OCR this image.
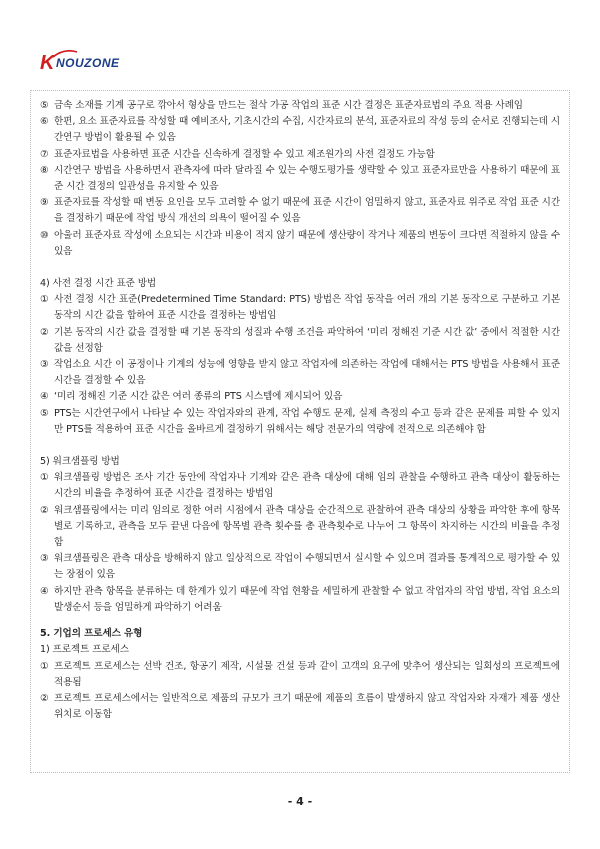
K NOUZONE

⑤ 금속 소재를 기계 공구로 깎아서 형상을 만드는 절삭 가공 작업의 표준 시간 결정은 표준자료법의 주요 적용 사례임

⑥ 한편, 요소 표준자료를 작성할 때 예비조사, 기초시간의 수집, 시간자료의 분석, 표준자료의 작성 등의 순서로 진행되는데 시간연구 방법이 활용될 수 있음

⑦ 표준자료법을 사용하면 표준 시간을 신속하게 결정할 수 있고 제조원가의 사전 결정도 가능함

⑧ 시간연구 방법을 사용하면서 관측자에 따라 달라질 수 있는 수행도평가를 생략할 수 있고 표준자료만을 사용하기 때문에 표준 시간 결정의 일관성을 유지할 수 있음

⑨ 표준자료를 작성할 때 변동 요인을 모두 고려할 수 없기 때문에 표준 시간이 엄밀하지 않고, 표준자료 위주로 작업 표준 시간을 결정하기 때문에 작업 방식 개선의 의욕이 떨어질 수 있음

⑩ 아울러 표준자료 작성에 소요되는 시간과 비용이 적지 않기 때문에 생산량이 작거나 제품의 변동이 크다면 적절하지 않을 수 있음

4) 사전 결정 시간 표준 방법

① 사전 결정 시간 표준(Predetermined Time Standard: PTS) 방법은 작업 동작을 여러 개의 기본 동작으로 구분하고 기본 동작의 시간 값을 합하여 표준 시간을 결정하는 방법임

② 기본 동작의 시간 값을 결정할 때 기본 동작의 성질과 수행 조건을 파악하여 ‘미리 정해진 기준 시간 값’ 중에서 적절한 시간 값을 선정함

③ 작업소요 시간 이 공정이나 기계의 성능에 영향을 받지 않고 작업자에 의존하는 작업에 대해서는 PTS 방법을 사용해서 표준 시간을 결정할 수 있음

④ ‘미리 정해진 기준 시간 값은 여러 종류의 PTS 시스템에 제시되어 있음

⑤ PTS는 시간연구에서 나타날 수 있는 작업자와의 관계, 작업 수행도 문제, 실제 측정의 수고 등과 같은 문제를 피할 수 있지만 PTS를 적용하여 표준 시간을 올바르게 결정하기 위해서는 해당 전문가의 역량에 전적으로 의존해야 함

5) 워크샘플링 방법

① 워크샘플링 방법은 조사 기간 동안에 작업자나 기계와 같은 관측 대상에 대해 임의 관찰을 수행하고 관측 대상이 활동하는 시간의 비율을 추정하여 표준 시간을 결정하는 방법임

② 워크샘플링에서는 미리 임의로 정한 여러 시점에서 관측 대상을 순간적으로 관찰하여 관측 대상의 상황을 파악한 후에 항목별로 기록하고, 관측을 모두 끝낸 다음에 항목별 관측 횟수를 총 관측횟수로 나누어 그 항목이 차지하는 시간의 비율을 추정함

③ 워크샘플링은 관측 대상을 방해하지 않고 일상적으로 작업이 수행되면서 실시할 수 있으며 결과를 통계적으로 평가할 수 있는 장점이 있음

④ 하지만 관측 항목을 분류하는 데 한계가 있기 때문에 작업 현황을 세밀하게 관찰할 수 없고 작업자의 작업 방법, 작업 요소의 발생순서 등을 엄밀하게 파악하기 어려움

5. 기업의 프로세스 유형

1) 프로젝트 프로세스

① 프로젝트 프로세스는 선박 건조, 항공기 제작, 시설물 건설 등과 같이 고객의 요구에 맞추어 생산되는 일회성의 프로젝트에 적용됨

② 프로젝트 프로세스에서는 일반적으로 제품의 규모가 크기 때문에 제품의 흐름이 발생하지 않고 작업자와 자재가 제품 생산 위치로 이동함

- 4 -
